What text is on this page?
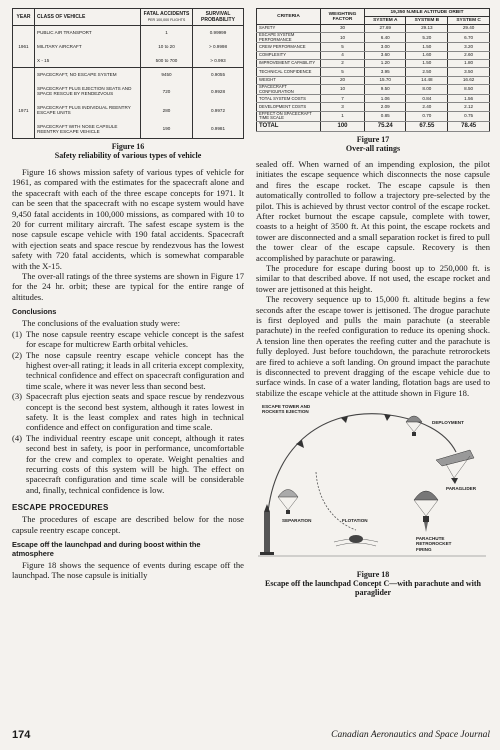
YEAR	CLASS OF VEHICLE	FATAL ACCIDENTS
PER 100,000 FLIGHTS	SURVIVAL PROBABILITY
	PUBLIC AIR TRANSPORT	1	0.99999
1961	MILITARY AIRCRAFT	10 to 20	> 0.9998
	X - 15	500 to 700	> 0.993
	SPACECRAFT, NO ESCAPE SYSTEM	9450	0.9055
	SPACECRAFT PLUS EJECTION SEATS AND SPACE RESCUE BY RENDEZVOUS	720	0.9928
1971	SPACECRAFT PLUS INDIVIDUAL REENTRY ESCAPE UNITS	280	0.9972
	SPACECRAFT WITH NOSE CAPSULE REENTRY ESCAPE VEHICLE	190	0.9981
Figure 16
Safety reliability of various types of vehicle

Figure 16 shows mission safety of various types of vehicle for 1961, as compared with the estimates for the spacecraft alone and the spacecraft with each of the three escape concepts for 1971. It can be seen that the spacecraft with no escape system would have 9,450 fatal accidents in 100,000 missions, as compared with 10 to 20 for current military aircraft. The safest escape system is the nose capsule escape vehicle with 190 fatal accidents. Spacecraft with ejection seats and space rescue by rendezvous has the lowest safety with 720 fatal accidents, which is somewhat comparable with the X-15.

The over-all ratings of the three systems are shown in Figure 17 for the 24 hr. orbit; these are typical for the entire range of altitudes.

Conclusions

The conclusions of the evaluation study were:

(1) The nose capsule reentry escape vehicle concept is the safest for escape for multicrew Earth orbital vehicles.
(2) The nose capsule reentry escape vehicle concept has the highest over-all rating; it leads in all criteria except complexity, technical confidence and effect on spacecraft configuration and time scale, where it was never less than second best.
(3) Spacecraft plus ejection seats and space rescue by rendezvous concept is the second best system, although it rates lowest in safety. It is the least complex and rates high in technical confidence and effect on configuration and time scale.
(4) The individual reentry escape unit concept, although it rates second best in safety, is poor in performance, uncomfortable for the crew and complex to operate. Weight penalties and recurring costs of this system will be high. The effect on spacecraft configuration and time scale will be considerable and, finally, technical confidence is low.
ESCAPE PROCEDURES

The procedures of escape are described below for the nose capsule reentry escape concept.

Escape off the launchpad and during boost within the atmosphere

Figure 18 shows the sequence of events during escape off the launchpad. The nose capsule is initially

CRITERIA	WEIGHTING FACTOR	19,350 N.MILE ALTITUDE ORBIT		
		SYSTEM A	SYSTEM B	SYSTEM C
SAFETY	30	27.69	29.13	29.40
ESCAPE SYSTEM PERFORMANCE	10	6.40	5.20	6.70
CREW PERFORMANCE	5	3.00	1.50	3.20
COMPLEXITY	4	3.60	1.60	2.60
IMPROVEMENT CAPABILITY	2	1.20	1.50	1.80
TECHNICAL CONFIDENCE	5	3.95	2.50	3.50
WEIGHT	20	15.70	14.48	16.62
SPACECRAFT CONFIGURATION	10	9.50	8.00	8.50
TOTAL SYSTEM COSTS	7	1.06	0.84	1.56
DEVELOPMENT COSTS	3	2.09	2.40	2.12
EFFECT ON SPACECRAFT TIME SCALE	1	0.85	0.70	0.75
TOTAL	100	75.24	67.55	78.45
Figure 17
Over-all ratings

sealed off. When warned of an impending explosion, the pilot initiates the escape sequence which disconnects the nose capsule and fires the escape rocket. The escape capsule is then automatically controlled to follow a trajectory pre-selected by the pilot. This is achieved by thrust vector control of the escape rocket. After rocket burnout the escape capsule, complete with tower, coasts to a height of 3500 ft. At this point, the escape rockets and tower are disconnected and a small separation rocket is fired to pull the tower clear of the escape capsule. Recovery is then accomplished by parachute or parawing.

The procedure for escape during boost up to 250,000 ft. is similar to that described above. If not used, the escape rocket and tower are jettisoned at this height.

The recovery sequence up to 15,000 ft. altitude begins a few seconds after the escape tower is jettisoned. The drogue parachute is first deployed and pulls the main parachute (a steerable parachute) in the reefed configuration to reduce its opening shock. A tension line then operates the reefing cutter and the parachute is fully deployed. Just before touchdown, the parachute retrorockets are fired to achieve a soft landing. On ground impact the parachute is disconnected to prevent dragging of the escape vehicle due to surface winds. In case of a water landing, flotation bags are used to stabilize the escape vehicle at the attitude shown in Figure 18.

ESCAPE TOWER AND ROCKETS EJECTION
DEPLOYMENT
PARAGLIDER
SEPARATION	FLOTATION
PARACHUTE RETROROCKET FIRING
Figure 18
Escape off the launchpad Concept C—with parachute and with paraglider
174	Canadian Aeronautics and Space Journal
